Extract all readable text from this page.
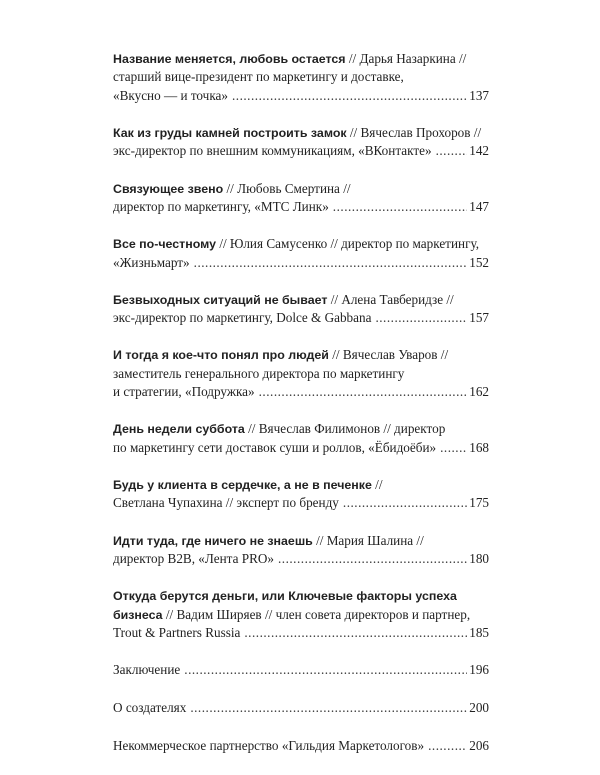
Название меняется, любовь остается // Дарья Назаркина //
старший вице-президент по маркетингу и доставке,
«Вкусно — и точка» .....	137
Как из груды камней построить замок // Вячеслав Прохоров //
экс-директор по внешним коммуникациям, «ВКонтакте» .....	142
Связующее звено // Любовь Смертина //
директор по маркетингу, «МТС Линк» .....	147
Все по-честному // Юлия Самусенко // директор по маркетингу,
«Жизньмарт» .....	152
Безвыходных ситуаций не бывает // Алена Тавберидзе //
экс-директор по маркетингу, Dolce & Gabbana .....	157
И тогда я кое-что понял про людей // Вячеслав Уваров //
заместитель генерального директора по маркетингу
и стратегии, «Подружка» .....	162
День недели суббота // Вячеслав Филимонов // директор
по маркетингу сети доставок суши и роллов, «Ёбидоёби» .....	168
Будь у клиента в сердечке, а не в печенке //
Светлана Чупахина // эксперт по бренду .....	175
Идти туда, где ничего не знаешь // Мария Шалина //
директор B2B, «Лента PRO» .....	180
Откуда берутся деньги, или Ключевые факторы успеха
бизнеса // Вадим Ширяев // член совета директоров и партнер,
Trout & Partners Russia .....	185
Заключение .....	196
О создателях .....	200
Некоммерческое партнерство «Гильдия Маркетологов» .....	206
